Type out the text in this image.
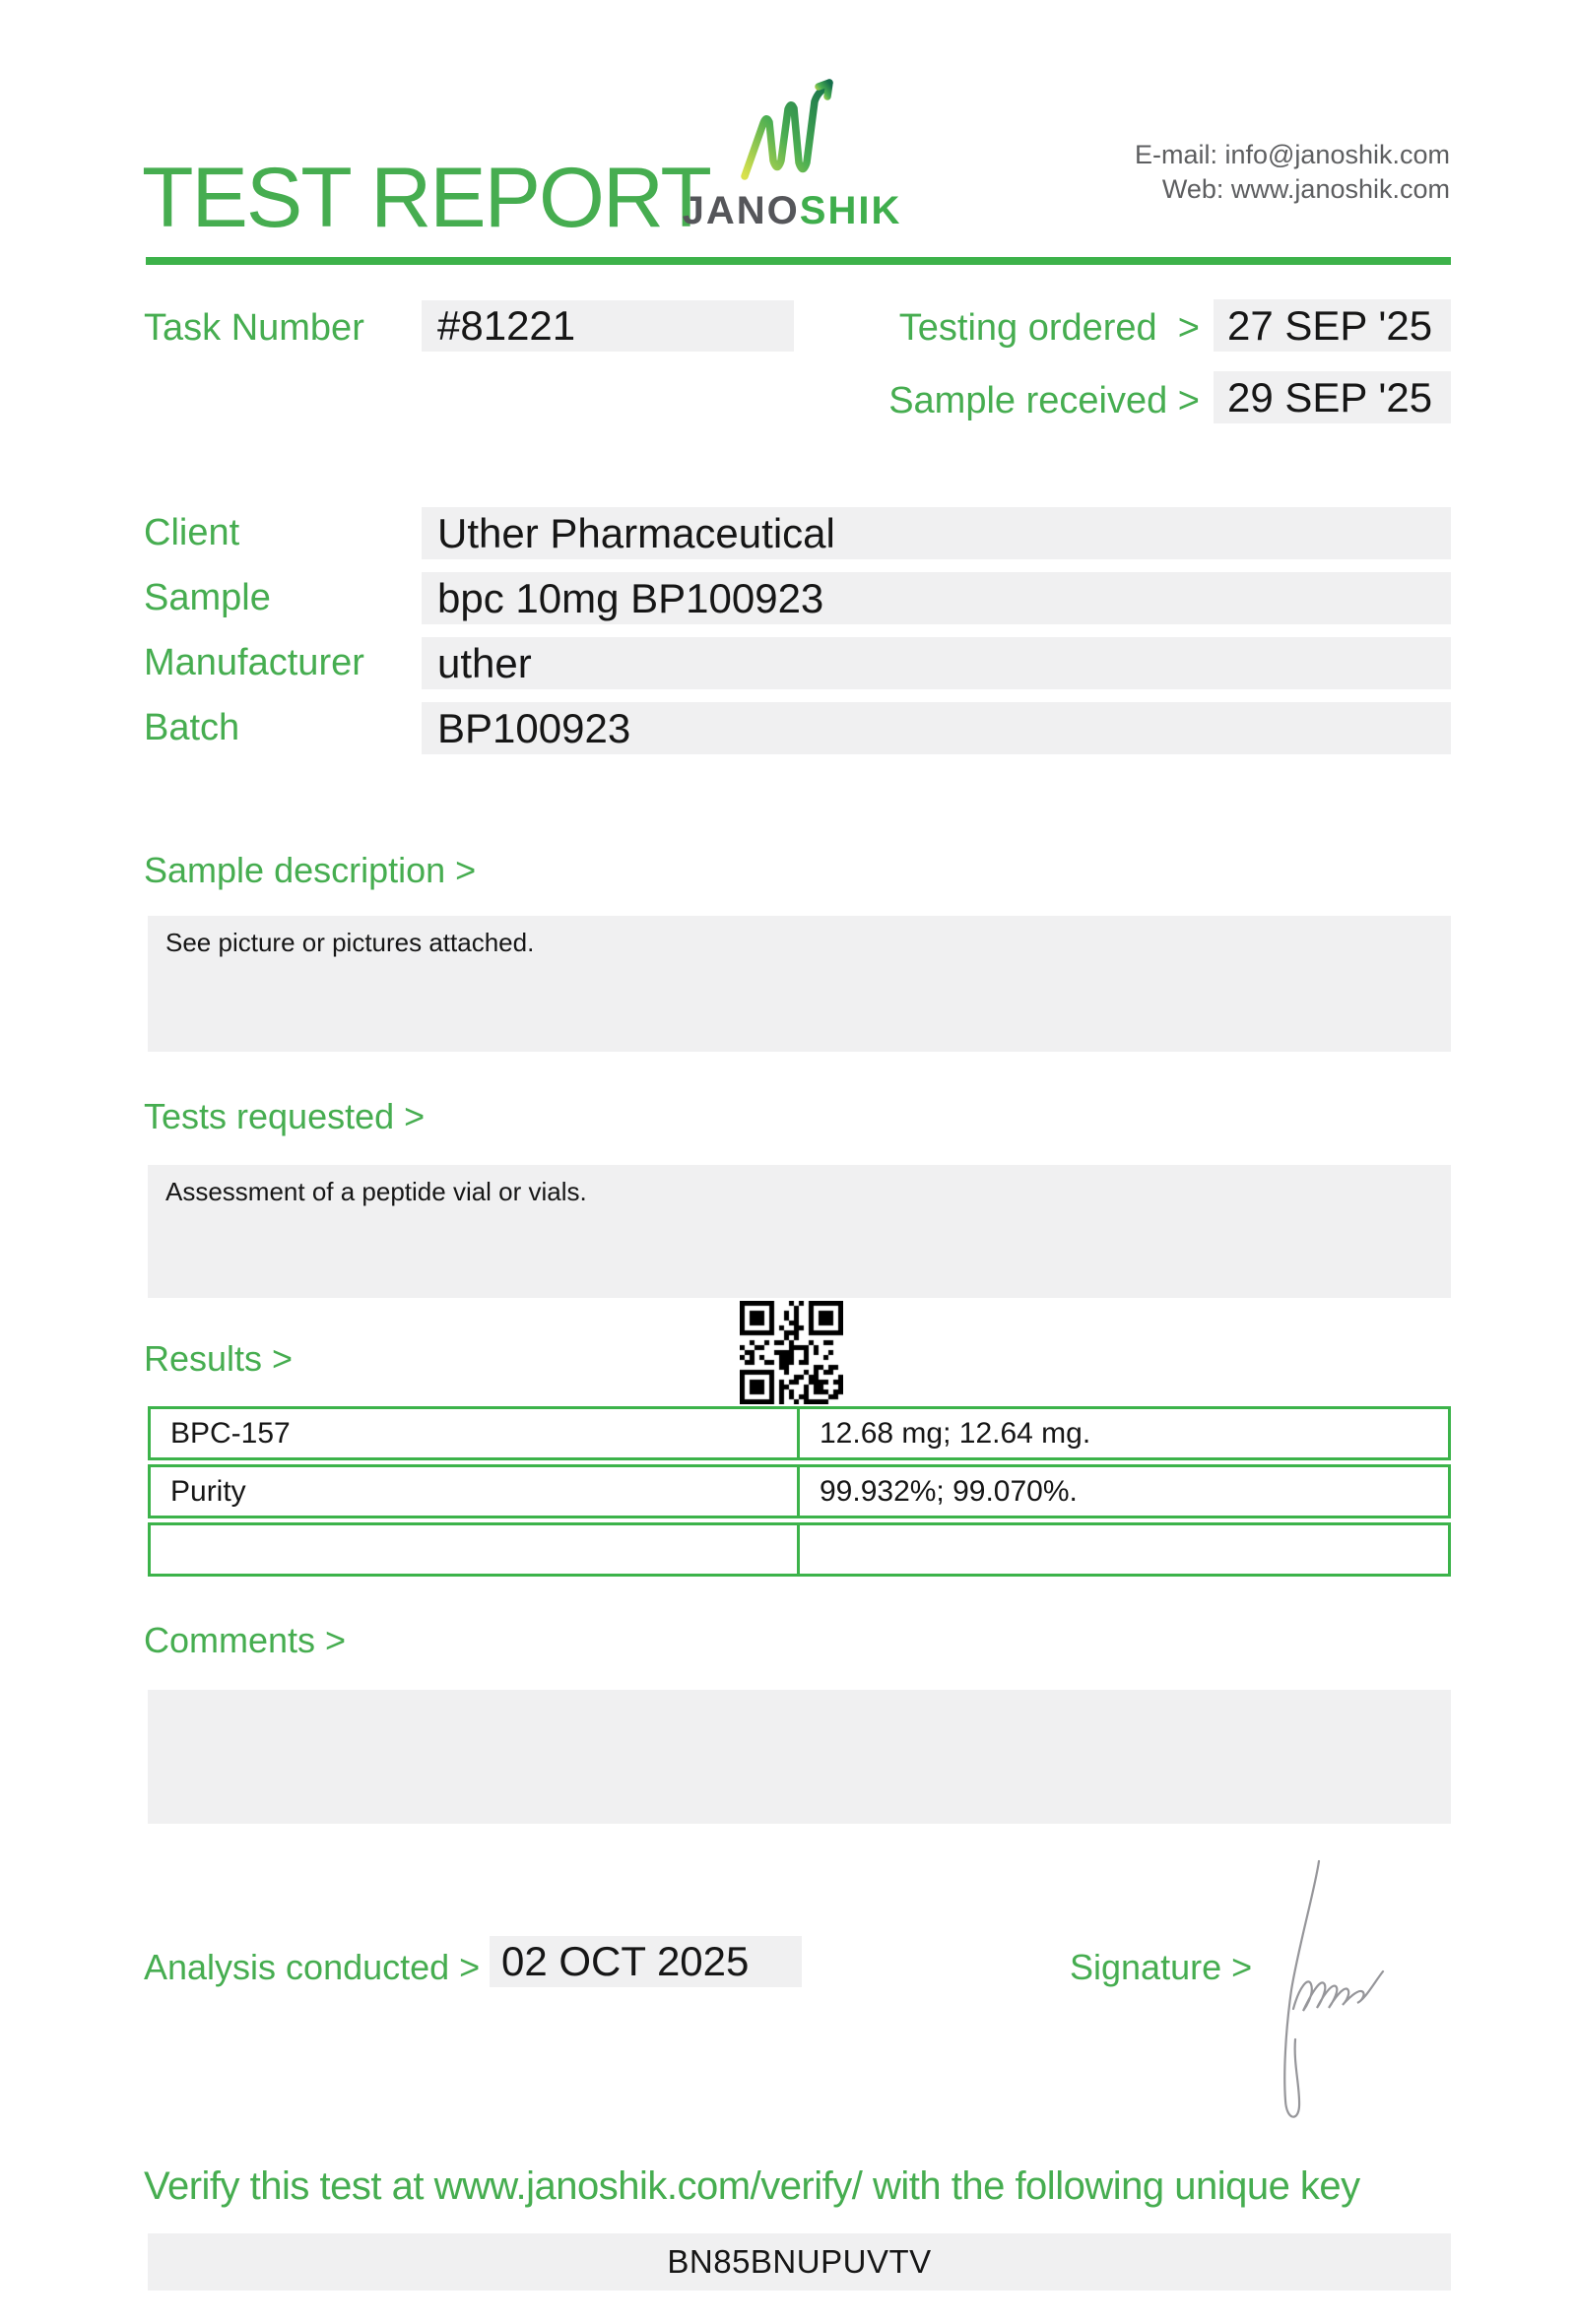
TEST REPORT
JANOSHIK
E-mail: info@janoshik.com
Web: www.janoshik.com
Task Number	#81221	Testing ordered  > 27 SEP '25
Sample received > 29 SEP '25
Client	Uther Pharmaceutical
Sample	bpc 10mg BP100923
Manufacturer	uther
Batch	BP100923
Sample description >
See picture or pictures attached.
Tests requested >
Assessment of a peptide vial or vials.
Results >
BPC-157	12.68 mg; 12.64 mg.
Purity	99.932%; 99.070%.
Comments >
Analysis conducted > 02 OCT 2025	Signature >
Verify this test at www.janoshik.com/verify/ with the following unique key
BN85BNUPUVTV
